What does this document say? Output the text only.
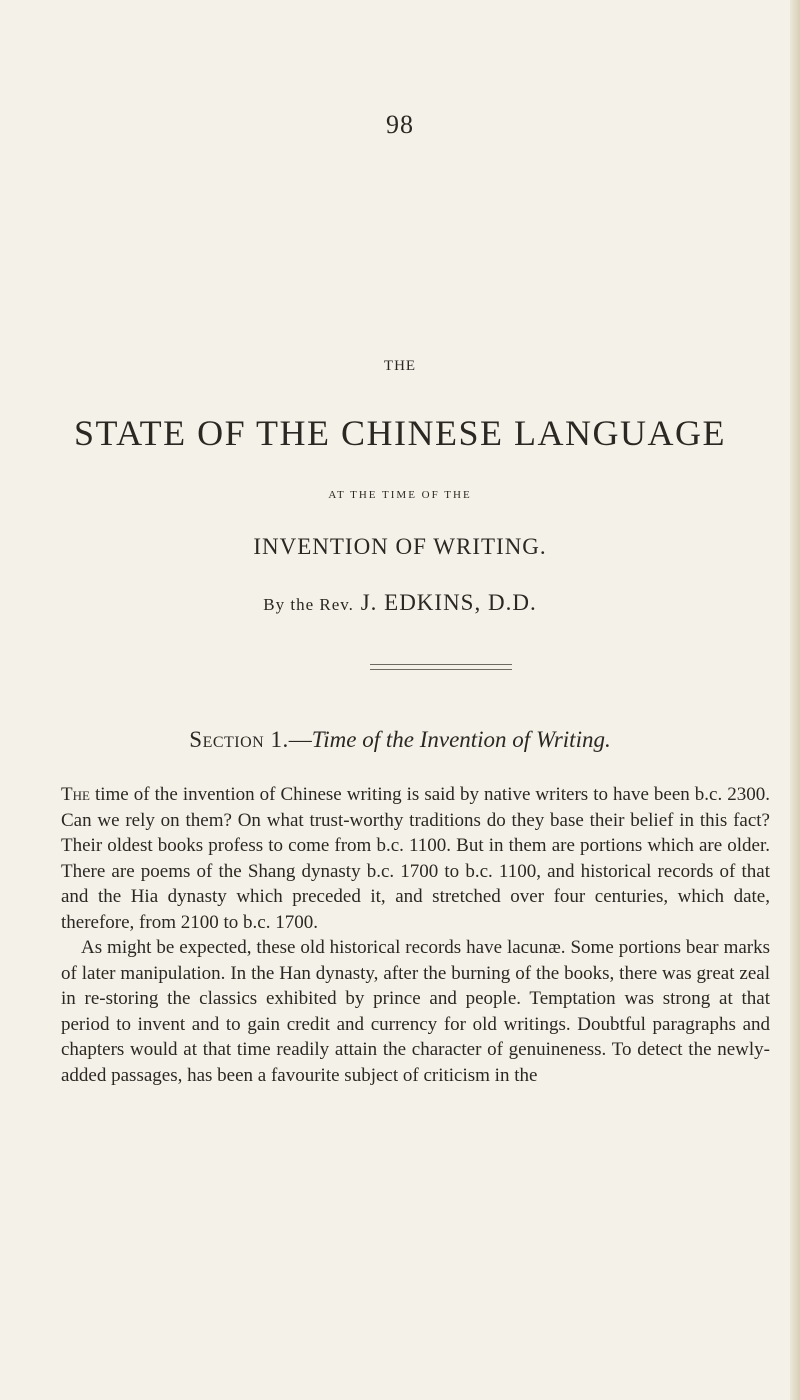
98
THE
STATE OF THE CHINESE LANGUAGE
AT THE TIME OF THE
INVENTION OF WRITING.
By the Rev. J. EDKINS, D.D.
Section 1.—Time of the Invention of Writing.

The time of the invention of Chinese writing is said by native writers to have been b.c. 2300. Can we rely on them? On what trust-worthy traditions do they base their belief in this fact? Their oldest books profess to come from b.c. 1100. But in them are portions which are older. There are poems of the Shang dynasty b.c. 1700 to b.c. 1100, and historical records of that and the Hia dynasty which preceded it, and stretched over four centuries, which date, therefore, from 2100 to b.c. 1700.

As might be expected, these old historical records have lacunæ. Some portions bear marks of later manipulation. In the Han dynasty, after the burning of the books, there was great zeal in re-storing the classics exhibited by prince and people. Temptation was strong at that period to invent and to gain credit and currency for old writings. Doubtful paragraphs and chapters would at that time readily attain the character of genuineness. To detect the newly-added passages, has been a favourite subject of criticism in the
